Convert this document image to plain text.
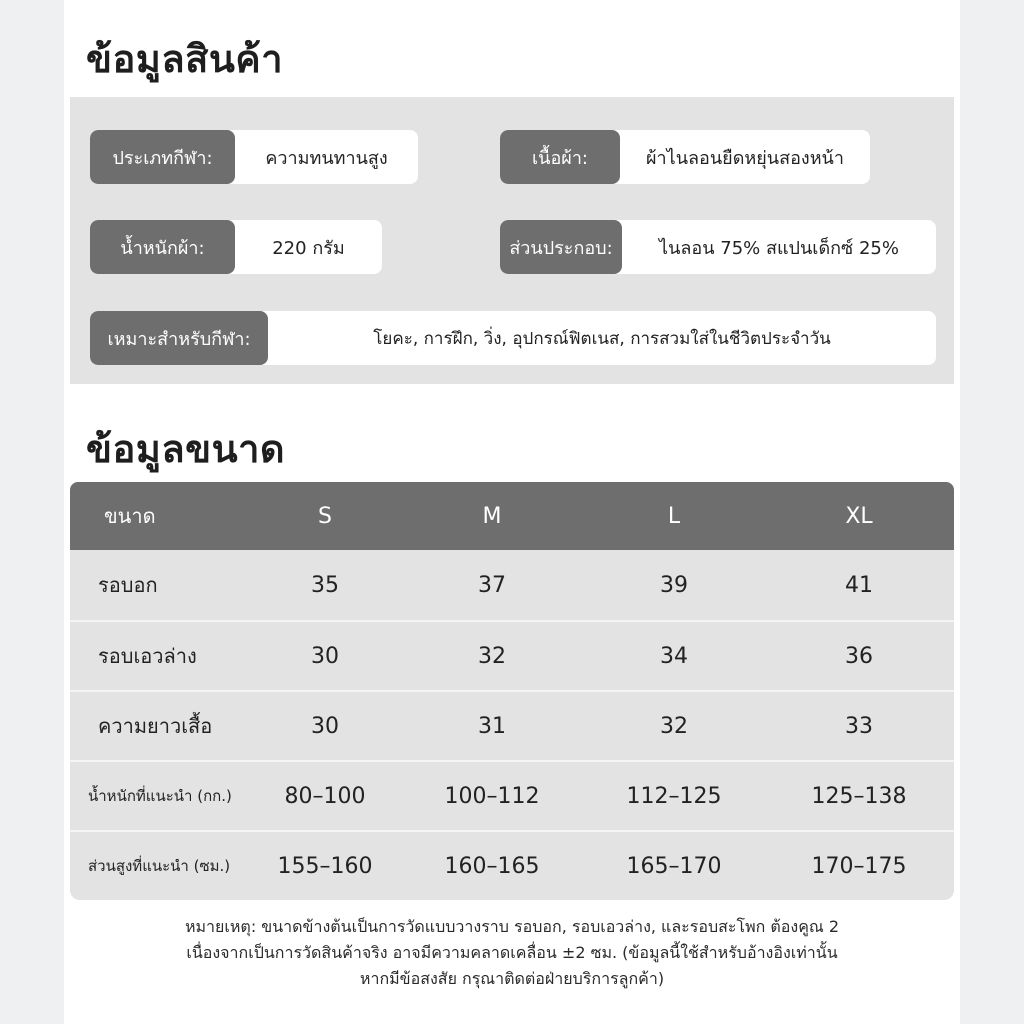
ข้อมูลสินค้า
ประเภทกีฬา:	ความทนทานสูง	เนื้อผ้า:	ผ้าไนลอนยืดหยุ่นสองหน้า
น้ำหนักผ้า:	220 กรัม	ส่วนประกอบ:	ไนลอน 75% สแปนเด็กซ์ 25%
เหมาะสำหรับกีฬา:	โยคะ, การฝึก, วิ่ง, อุปกรณ์ฟิตเนส, การสวมใส่ในชีวิตประจำวัน
ข้อมูลขนาด
ขนาด	S	M	L	XL
รอบอก	35	37	39	41
รอบเอวล่าง	30	32	34	36
ความยาวเสื้อ	30	31	32	33
น้ำหนักที่แนะนำ (กก.)	80–100	100–112	112–125	125–138
ส่วนสูงที่แนะนำ (ซม.)	155–160	160–165	165–170	170–175
หมายเหตุ: ขนาดข้างต้นเป็นการวัดแบบวางราบ รอบอก, รอบเอวล่าง, และรอบสะโพก ต้องคูณ 2
เนื่องจากเป็นการวัดสินค้าจริง อาจมีความคลาดเคลื่อน ±2 ซม. (ข้อมูลนี้ใช้สำหรับอ้างอิงเท่านั้น
หากมีข้อสงสัย กรุณาติดต่อฝ่ายบริการลูกค้า)
